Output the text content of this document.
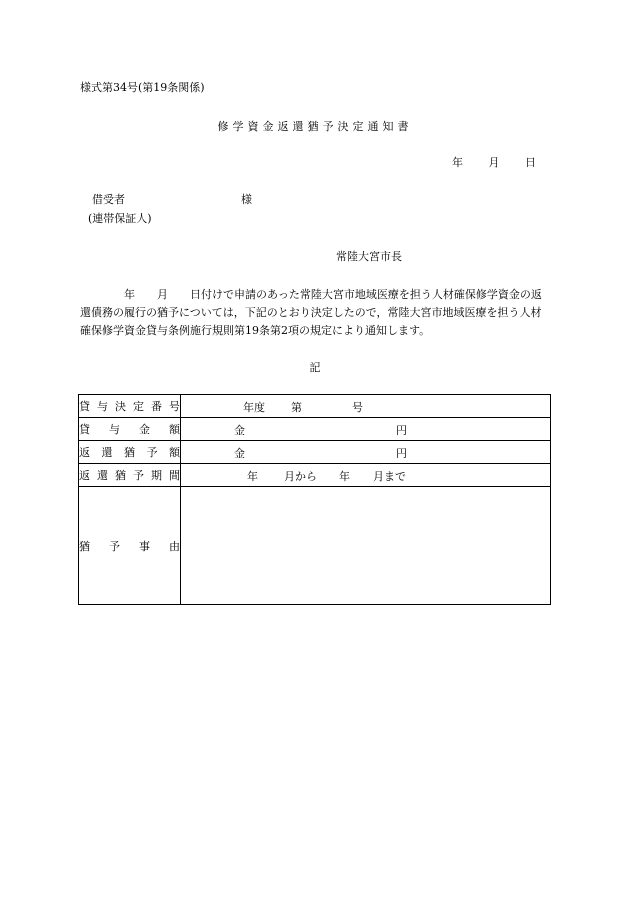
様式第34号(第19条関係)
修学資金返還猶予決定通知書
年 月 日
借受者	様
(連帯保証人)
常陸大宮市長

　　　　年　　月　　日付けで申請のあった常陸大宮市地域医療を担う人材確保修学資金の返還債務の履行の猶予については，下記のとおり決定したので，常陸大宮市地域医療を担う人材確保修学資金貸与条例施行規則第19条第2項の規定により通知します。

記
貸与決定番号	年度 第 号

貸与金額	金 円

返還猶予額	金 円

返還猶予期間	年 月から 年 月まで

猶予事由	
